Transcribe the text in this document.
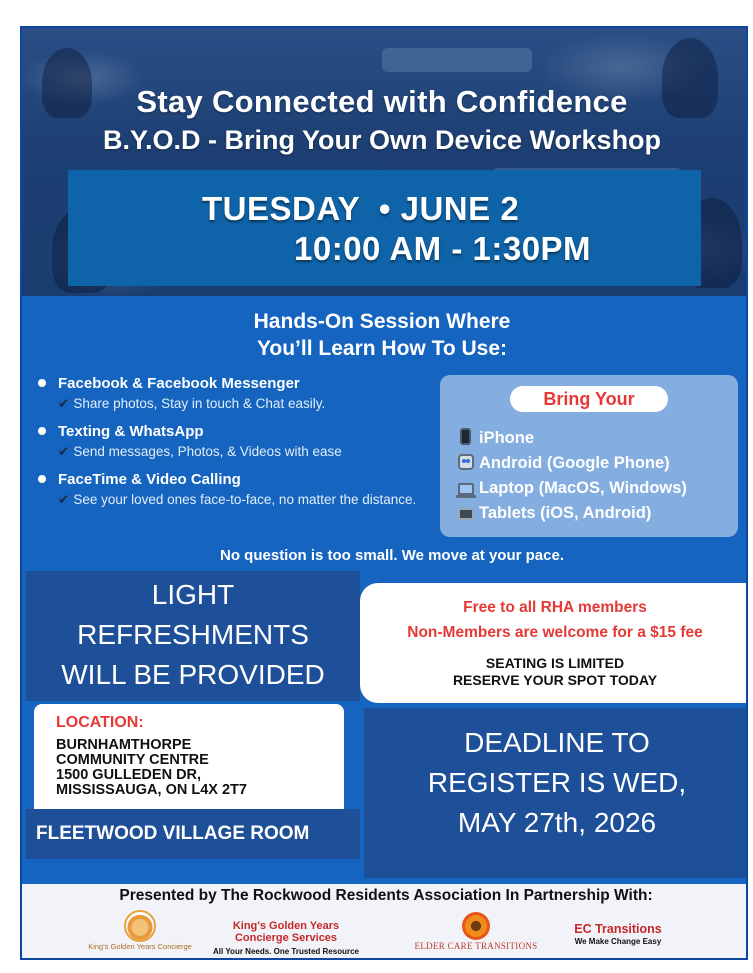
Stay Connected with Confidence
B.Y.O.D - Bring Your Own Device Workshop
TUESDAY  • JUNE 2
10:00 AM - 1:30PM
Hands-On Session Where
You’ll Learn How To Use:
Facebook & Facebook Messenger
✔ Share photos, Stay in touch & Chat easily.
Texting & WhatsApp
✔ Send messages, Photos, & Videos with ease
FaceTime & Video Calling
✔ See your loved ones face-to-face, no matter the distance.
Bring Your
iPhone
Android (Google Phone)
Laptop (MacOS, Windows)
Tablets (iOS, Android)
No question is too small. We move at your pace.
LIGHT
REFRESHMENTS
WILL BE PROVIDED
Free to all RHA members
Non-Members are welcome for a $15 fee
SEATING IS LIMITED
RESERVE YOUR SPOT TODAY
LOCATION:
BURNHAMTHORPE
COMMUNITY CENTRE
1500 GULLEDEN DR,
MISSISSAUGA, ON L4X 2T7
FLEETWOOD VILLAGE ROOM
DEADLINE TO
REGISTER IS WED,
MAY 27th, 2026
Presented by The Rockwood Residents Association In Partnership With:
King's Golden Years Concierge
King's Golden Years Concierge Services
All Your Needs. One Trusted Resource
ELDER CARE TRANSITIONS
EC Transitions
We Make Change Easy
